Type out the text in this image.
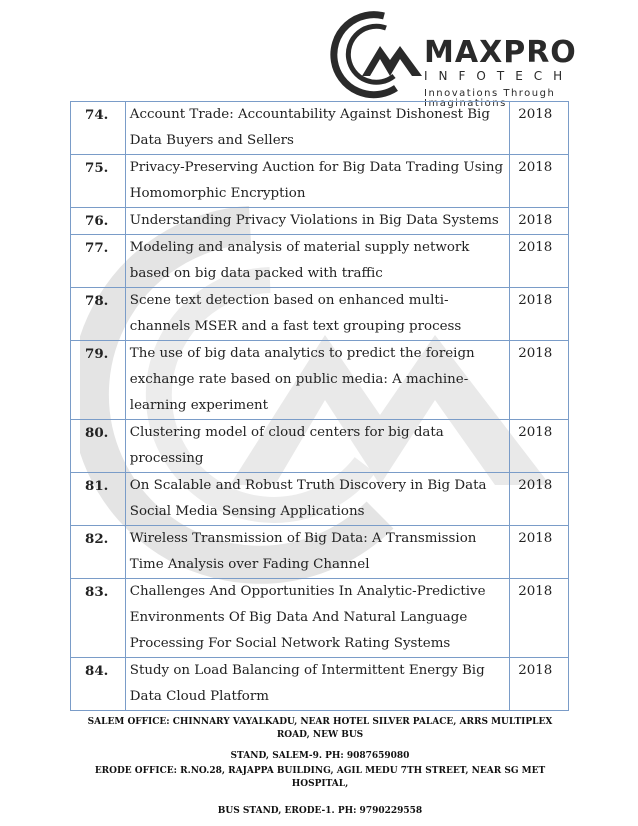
MAXPRO
INFOTECH
Innovations Through Imaginations
74.	Account Trade: Accountability Against Dishonest Big Data Buyers and Sellers	2018
75.	Privacy-Preserving Auction for Big Data Trading Using Homomorphic Encryption	2018
76.	Understanding Privacy Violations in Big Data Systems	2018
77.	Modeling and analysis of material supply network based on big data packed with traffic	2018
78.	Scene text detection based on enhanced multi-channels MSER and a fast text grouping process	2018
79.	The use of big data analytics to predict the foreign exchange rate based on public media: A machine-learning experiment	2018
80.	Clustering model of cloud centers for big data processing	2018
81.	On Scalable and Robust Truth Discovery in Big Data Social Media Sensing Applications	2018
82.	Wireless Transmission of Big Data: A Transmission Time Analysis over Fading Channel	2018
83.	Challenges And Opportunities In Analytic-Predictive Environments Of Big Data And Natural Language Processing For Social Network Rating Systems	2018
84.	Study on Load Balancing of Intermittent Energy Big Data Cloud Platform	2018
SALEM OFFICE: CHINNARY VAYALKADU, NEAR HOTEL SILVER PALACE, ARRS MULTIPLEX ROAD, NEW BUS
STAND, SALEM-9. PH: 9087659080
ERODE OFFICE: R.NO.28, RAJAPPA BUILDING, AGIL MEDU 7TH STREET, NEAR SG MET HOSPITAL,
BUS STAND, ERODE-1. PH: 9790229558
